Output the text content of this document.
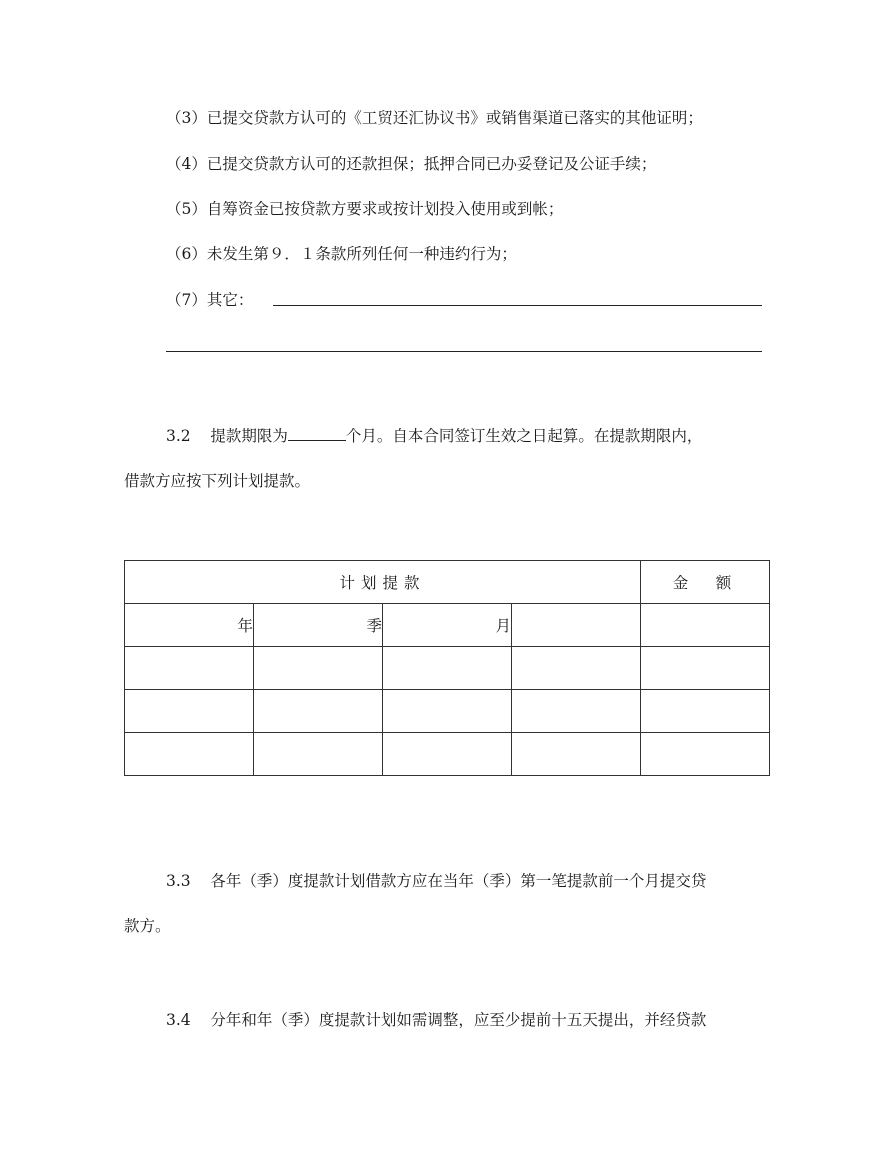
（3）已提交贷款方认可的《工贸还汇协议书》或销售渠道已落实的其他证明；
（4）已提交贷款方认可的还款担保；抵押合同已办妥登记及公证手续；
（5）自筹资金已按贷款方要求或按计划投入使用或到帐；
（6）未发生第９．１条款所列任何一种违约行为；
（7）其它：
3.2 提款期限为	个月。自本合同签订生效之日起算。在提款期限内，
借款方应按下列计划提款。
计划提款				金　额
年	季	月		

3.3 各年（季）度提款计划借款方应在当年（季）第一笔提款前一个月提交贷
款方。
3.4 分年和年（季）度提款计划如需调整，应至少提前十五天提出，并经贷款
